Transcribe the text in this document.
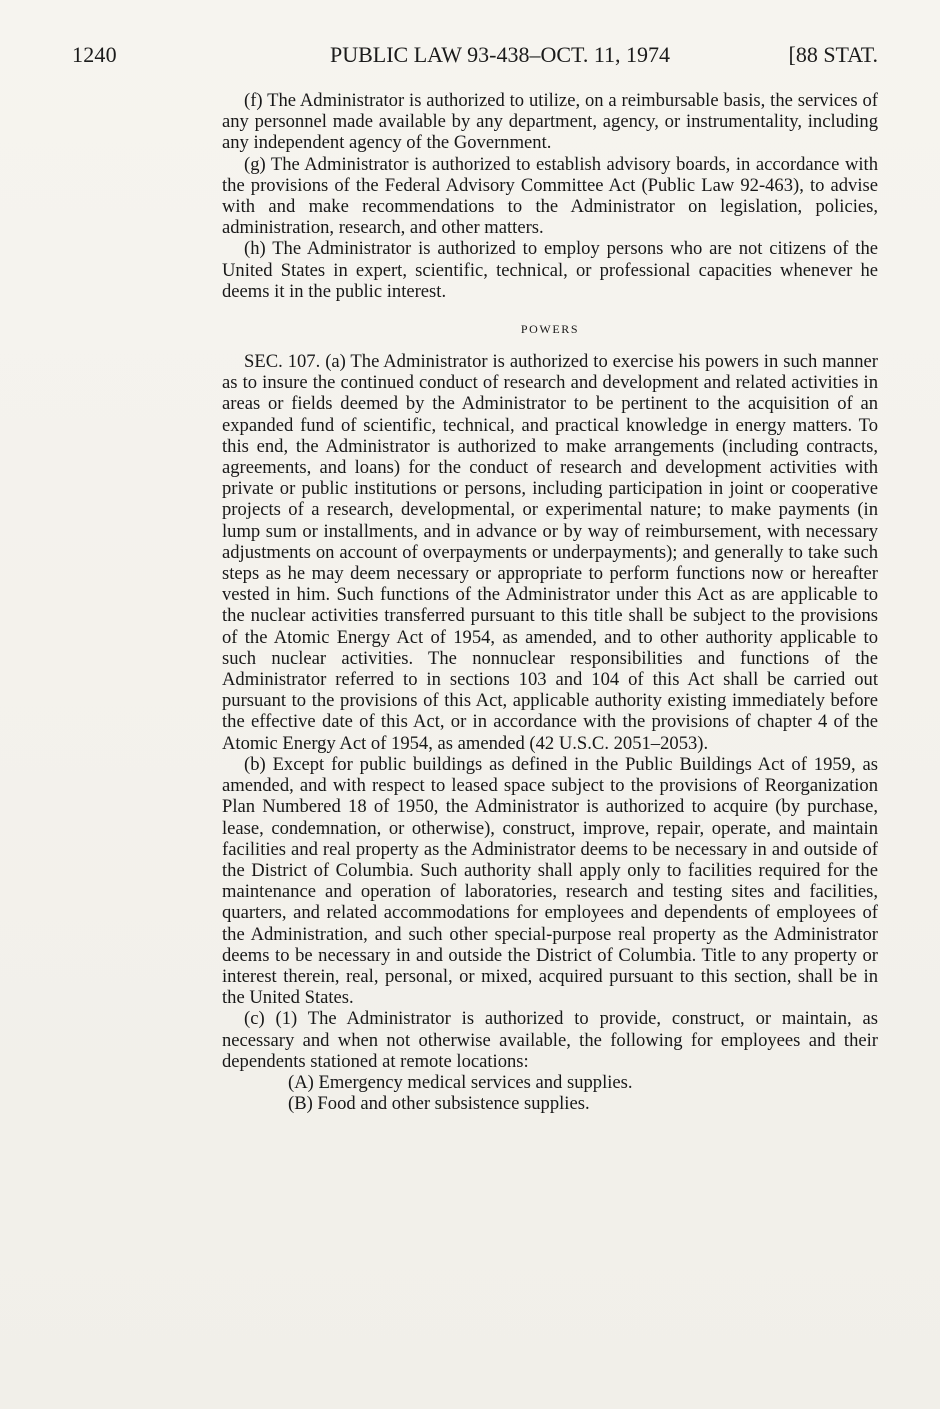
1240	PUBLIC LAW 93-438–OCT. 11, 1974	[88 STAT.

(f) The Administrator is authorized to utilize, on a reimbursable basis, the services of any personnel made available by any department, agency, or instrumentality, including any independent agency of the Government.

(g) The Administrator is authorized to establish advisory boards, in accordance with the provisions of the Federal Advisory Committee Act (Public Law 92-463), to advise with and make recommendations to the Administrator on legislation, policies, administration, research, and other matters.

(h) The Administrator is authorized to employ persons who are not citizens of the United States in expert, scientific, technical, or professional capacities whenever he deems it in the public interest.

POWERS

SEC. 107. (a) The Administrator is authorized to exercise his powers in such manner as to insure the continued conduct of research and development and related activities in areas or fields deemed by the Administrator to be pertinent to the acquisition of an expanded fund of scientific, technical, and practical knowledge in energy matters. To this end, the Administrator is authorized to make arrangements (including contracts, agreements, and loans) for the conduct of research and development activities with private or public institutions or persons, including participation in joint or cooperative projects of a research, developmental, or experimental nature; to make payments (in lump sum or installments, and in advance or by way of reimbursement, with necessary adjustments on account of overpayments or underpayments); and generally to take such steps as he may deem necessary or appropriate to perform functions now or hereafter vested in him. Such functions of the Administrator under this Act as are applicable to the nuclear activities transferred pursuant to this title shall be subject to the provisions of the Atomic Energy Act of 1954, as amended, and to other authority applicable to such nuclear activities. The nonnuclear responsibilities and functions of the Administrator referred to in sections 103 and 104 of this Act shall be carried out pursuant to the provisions of this Act, applicable authority existing immediately before the effective date of this Act, or in accordance with the provisions of chapter 4 of the Atomic Energy Act of 1954, as amended (42 U.S.C. 2051–2053).

(b) Except for public buildings as defined in the Public Buildings Act of 1959, as amended, and with respect to leased space subject to the provisions of Reorganization Plan Numbered 18 of 1950, the Administrator is authorized to acquire (by purchase, lease, condemnation, or otherwise), construct, improve, repair, operate, and maintain facilities and real property as the Administrator deems to be necessary in and outside of the District of Columbia. Such authority shall apply only to facilities required for the maintenance and operation of laboratories, research and testing sites and facilities, quarters, and related accommodations for employees and dependents of employees of the Administration, and such other special-purpose real property as the Administrator deems to be necessary in and outside the District of Columbia. Title to any property or interest therein, real, personal, or mixed, acquired pursuant to this section, shall be in the United States.

(c) (1) The Administrator is authorized to provide, construct, or maintain, as necessary and when not otherwise available, the following for employees and their dependents stationed at remote locations:

(A) Emergency medical services and supplies.

(B) Food and other subsistence supplies.
